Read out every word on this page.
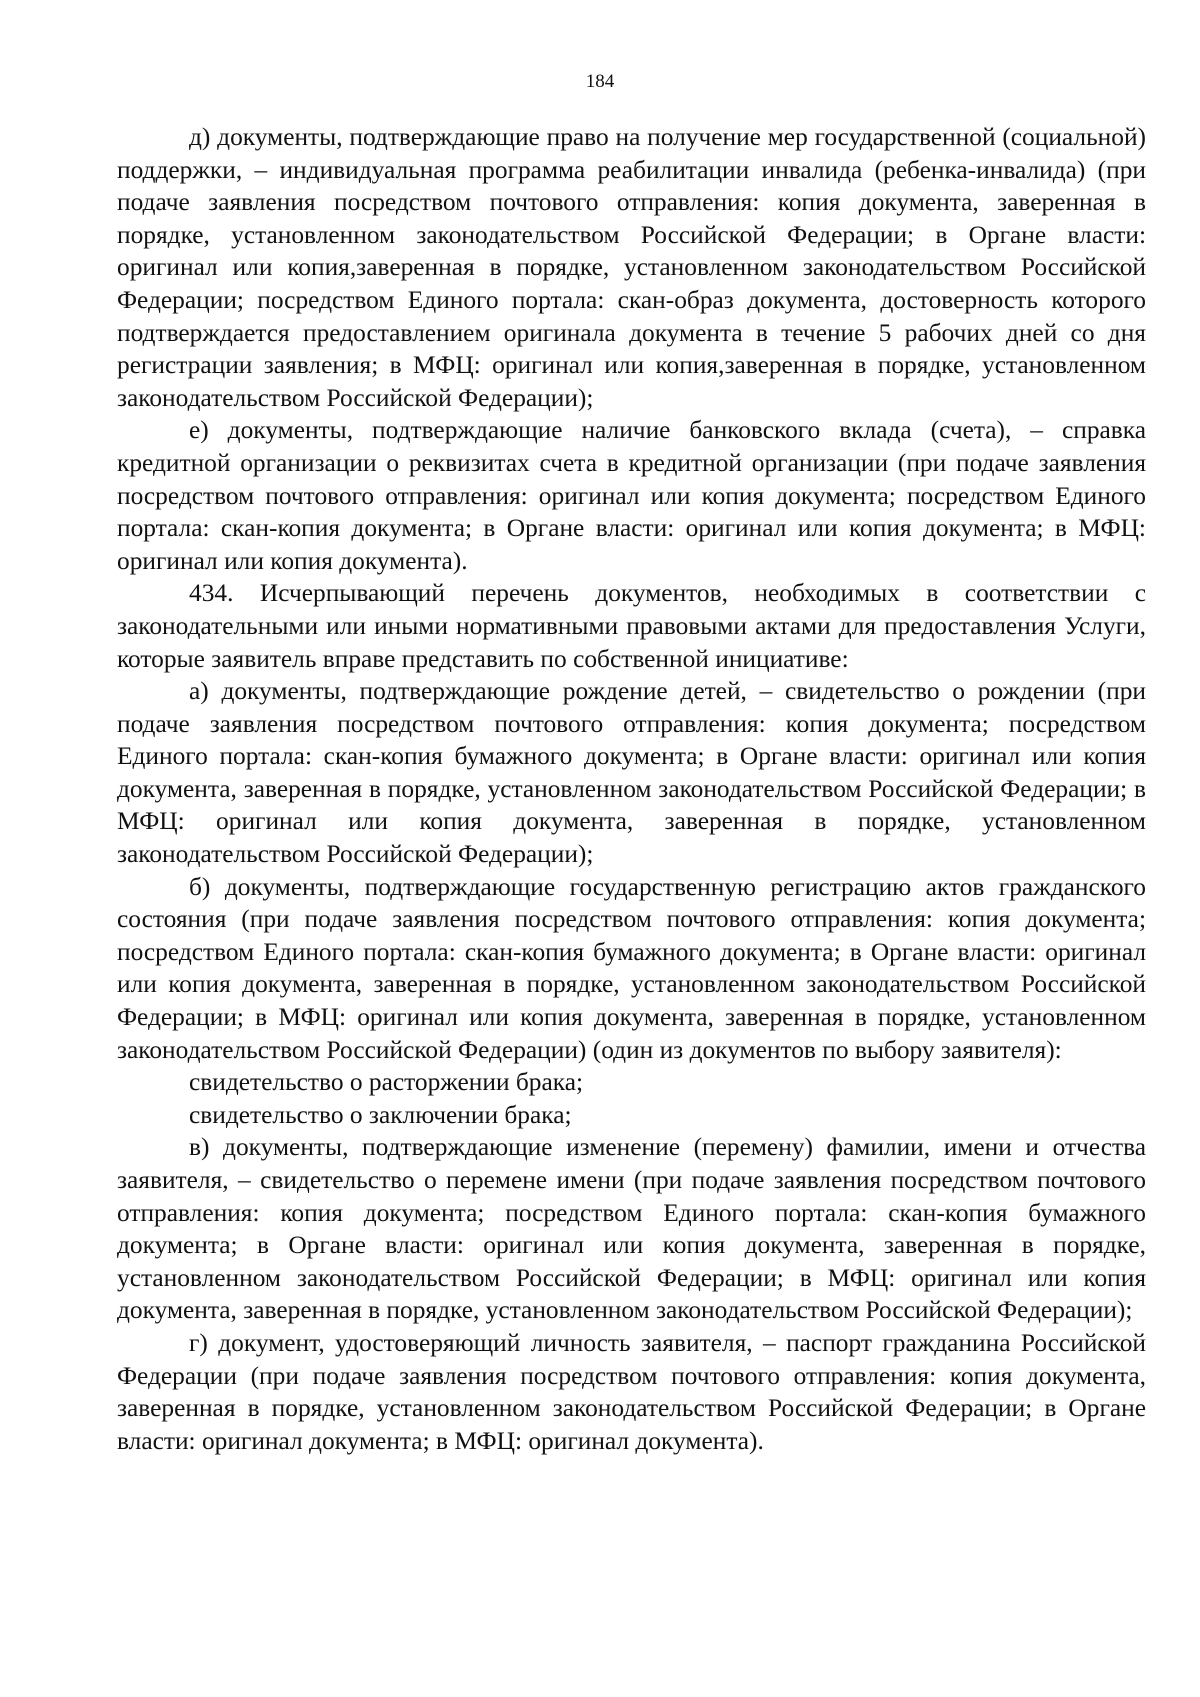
184

д) документы, подтверждающие право на получение мер государственной (социальной) поддержки, – индивидуальная программа реабилитации инвалида (ребенка-инвалида) (при подаче заявления посредством почтового отправления: копия документа, заверенная в порядке, установленном законодательством Российской Федерации; в Органе власти: оригинал или копия,заверенная в порядке, установленном законодательством Российской Федерации; посредством Единого портала: скан-образ документа, достоверность которого подтверждается предоставлением оригинала документа в течение 5 рабочих дней со дня регистрации заявления; в МФЦ: оригинал или копия,заверенная в порядке, установленном законодательством Российской Федерации);

е) документы, подтверждающие наличие банковского вклада (счета), – справка кредитной организации о реквизитах счета в кредитной организации (при подаче заявления посредством почтового отправления: оригинал или копия документа; посредством Единого портала: скан-копия документа; в Органе власти: оригинал или копия документа; в МФЦ: оригинал или копия документа).

434. Исчерпывающий перечень документов, необходимых в соответствии с законодательными или иными нормативными правовыми актами для предоставления Услуги, которые заявитель вправе представить по собственной инициативе:

а) документы, подтверждающие рождение детей, – свидетельство о рождении (при подаче заявления посредством почтового отправления: копия документа; посредством Единого портала: скан-копия бумажного документа; в Органе власти: оригинал или копия документа, заверенная в порядке, установленном законодательством Российской Федерации; в МФЦ: оригинал или копия документа, заверенная в порядке, установленном законодательством Российской Федерации);

б) документы, подтверждающие государственную регистрацию актов гражданского состояния (при подаче заявления посредством почтового отправления: копия документа; посредством Единого портала: скан-копия бумажного документа; в Органе власти: оригинал или копия документа, заверенная в порядке, установленном законодательством Российской Федерации; в МФЦ: оригинал или копия документа, заверенная в порядке, установленном законодательством Российской Федерации) (один из документов по выбору заявителя):

свидетельство о расторжении брака;

свидетельство о заключении брака;

в) документы, подтверждающие изменение (перемену) фамилии, имени и отчества заявителя, – свидетельство о перемене имени (при подаче заявления посредством почтового отправления: копия документа; посредством Единого портала: скан-копия бумажного документа; в Органе власти: оригинал или копия документа, заверенная в порядке, установленном законодательством Российской Федерации; в МФЦ: оригинал или копия документа, заверенная в порядке, установленном законодательством Российской Федерации);

г) документ, удостоверяющий личность заявителя, – паспорт гражданина Российской Федерации (при подаче заявления посредством почтового отправления: копия документа, заверенная в порядке, установленном законодательством Российской Федерации; в Органе власти: оригинал документа; в МФЦ: оригинал документа).
